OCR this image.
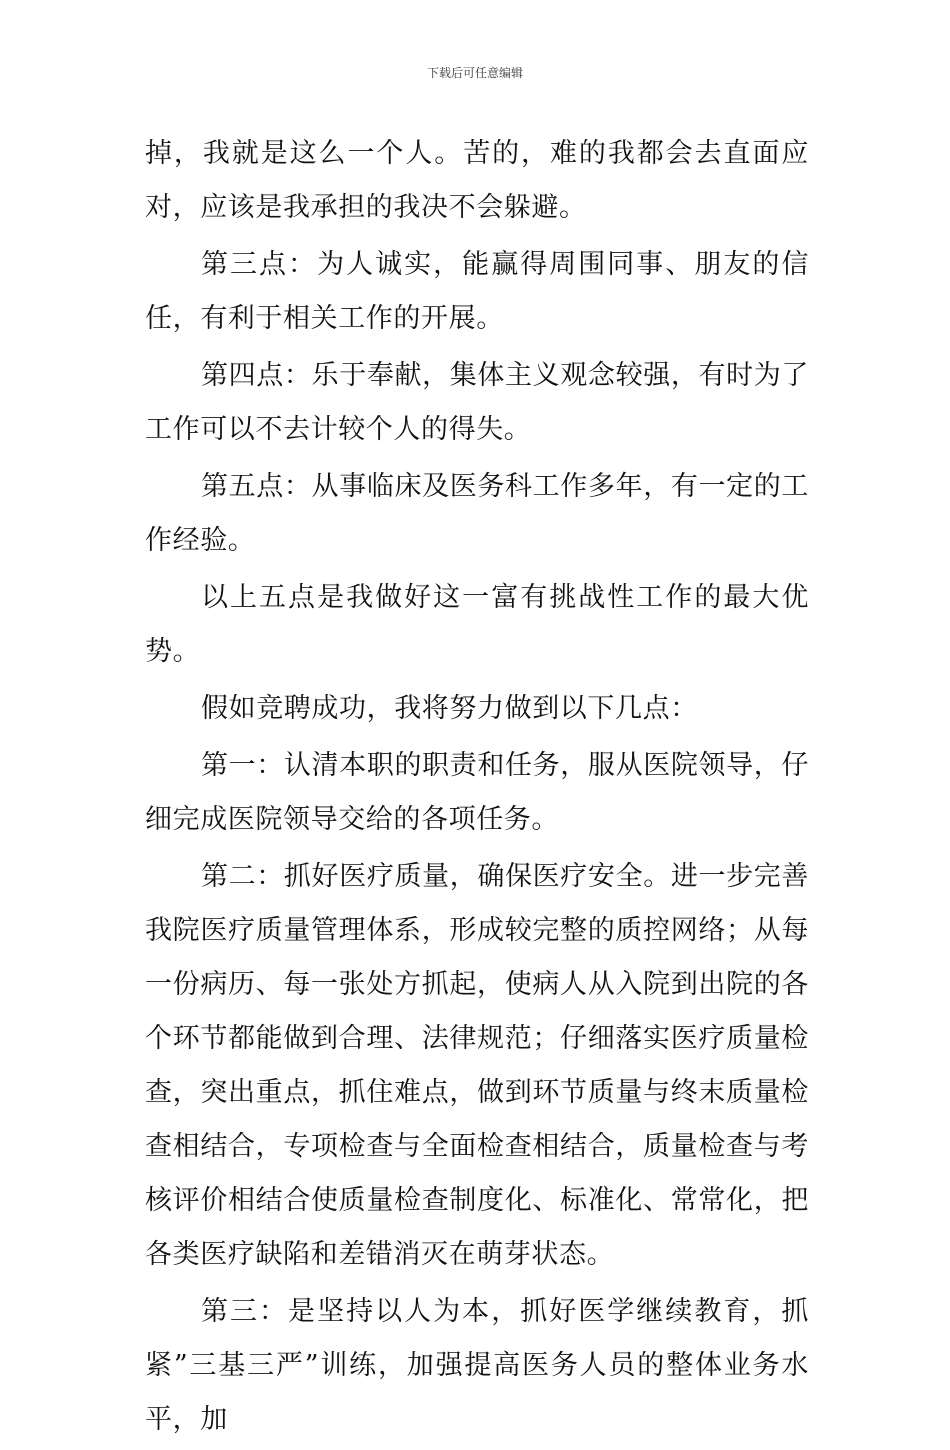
下载后可任意编辑

掉，我就是这么一个人。苦的，难的我都会去直面应对，应该是我承担的我决不会躲避。

第三点：为人诚实，能赢得周围同事、朋友的信任，有利于相关工作的开展。

第四点：乐于奉献，集体主义观念较强，有时为了工作可以不去计较个人的得失。

第五点：从事临床及医务科工作多年，有一定的工作经验。

以上五点是我做好这一富有挑战性工作的最大优势。

假如竞聘成功，我将努力做到以下几点：

第一：认清本职的职责和任务，服从医院领导，仔细完成医院领导交给的各项任务。

第二：抓好医疗质量，确保医疗安全。进一步完善我院医疗质量管理体系，形成较完整的质控网络；从每一份病历、每一张处方抓起，使病人从入院到出院的各个环节都能做到合理、法律规范；仔细落实医疗质量检查，突出重点，抓住难点，做到环节质量与终末质量检查相结合，专项检查与全面检查相结合，质量检查与考核评价相结合使质量检查制度化、标准化、常常化，把各类医疗缺陷和差错消灭在萌芽状态。

第三：是坚持以人为本，抓好医学继续教育，抓紧”三基三严”训练，加强提高医务人员的整体业务水平，加
